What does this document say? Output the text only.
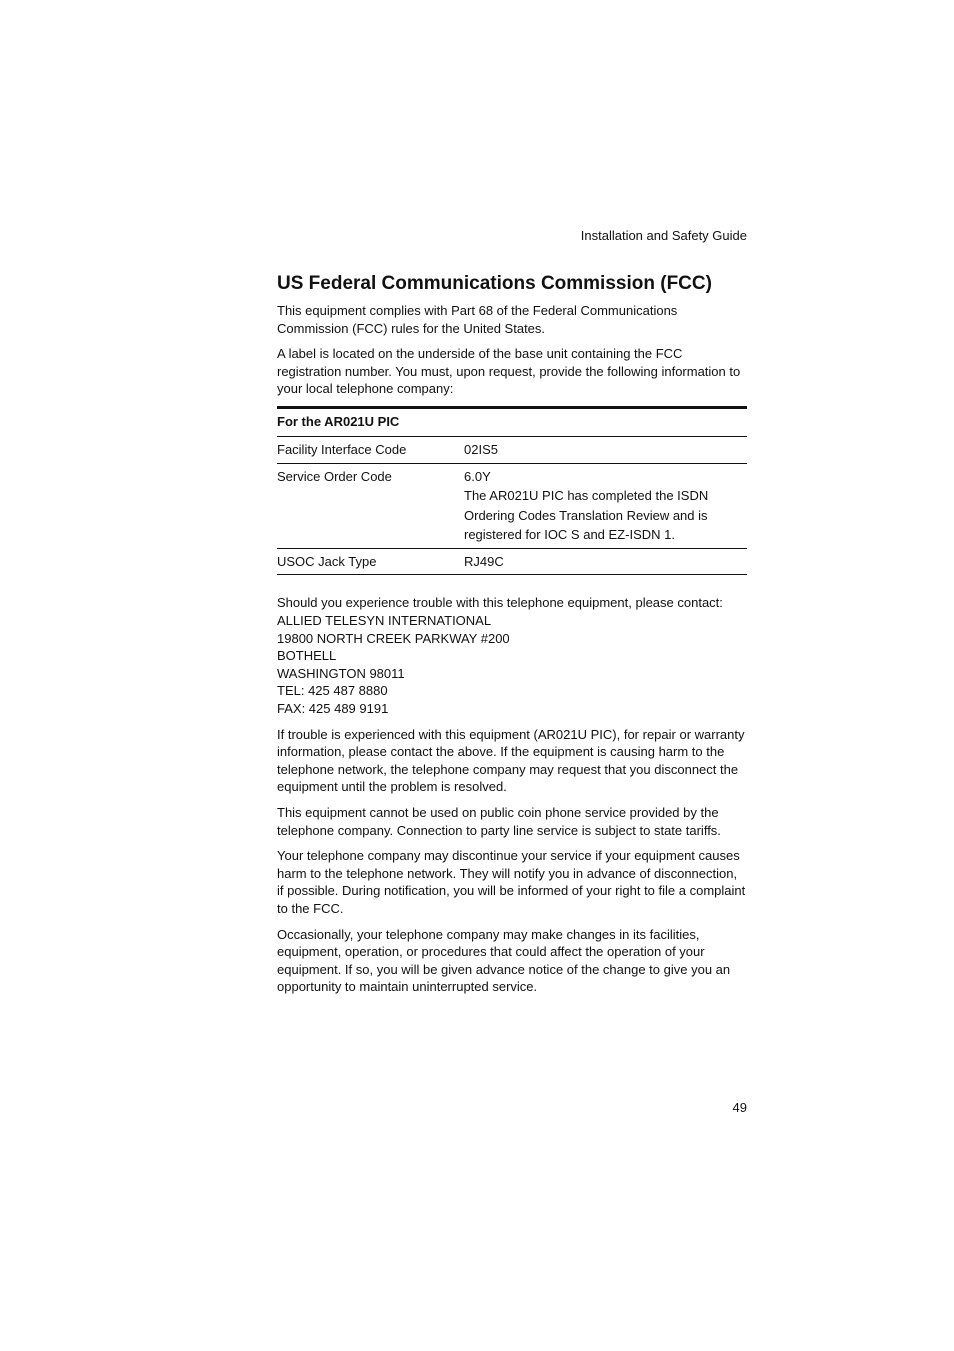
Installation and Safety Guide
US Federal Communications Commission (FCC)

This equipment complies with Part 68 of the Federal Communications Commission (FCC) rules for the United States.

A label is located on the underside of the base unit containing the FCC registration number. You must, upon request, provide the following information to your local telephone company:

For the AR021U PIC	
Facility Interface Code	02IS5

Service Order Code	6.0Y
The AR021U PIC has completed the ISDN
Ordering Codes Translation Review and is
registered for IOC S and EZ-ISDN 1.

USOC Jack Type	RJ49C
Should you experience trouble with this telephone equipment, please contact:
ALLIED TELESYN INTERNATIONAL
19800 NORTH CREEK PARKWAY #200
BOTHELL
WASHINGTON 98011
TEL: 425 487 8880
FAX: 425 489 9191

If trouble is experienced with this equipment (AR021U PIC), for repair or warranty information, please contact the above. If the equipment is causing harm to the telephone network, the telephone company may request that you disconnect the equipment until the problem is resolved.

This equipment cannot be used on public coin phone service provided by the telephone company. Connection to party line service is subject to state tariffs.

Your telephone company may discontinue your service if your equipment causes harm to the telephone network. They will notify you in advance of disconnection, if possible. During notification, you will be informed of your right to file a complaint to the FCC.

Occasionally, your telephone company may make changes in its facilities, equipment, operation, or procedures that could affect the operation of your equipment. If so, you will be given advance notice of the change to give you an opportunity to maintain uninterrupted service.

49
